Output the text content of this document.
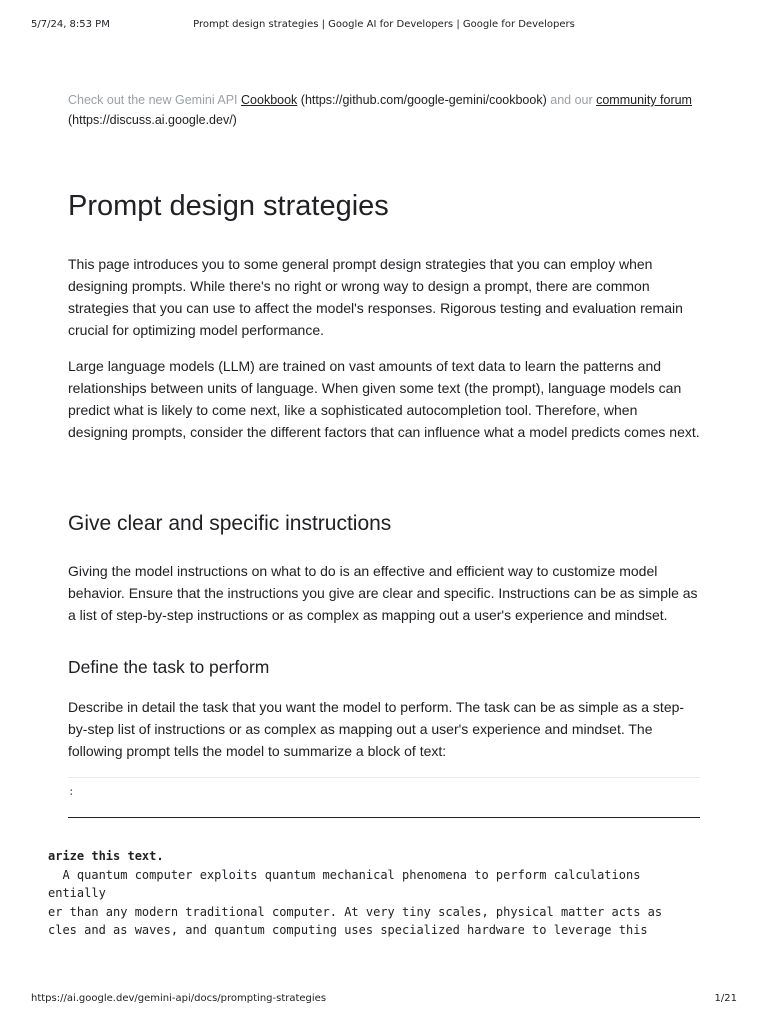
5/7/24, 8:53 PM	Prompt design strategies | Google AI for Developers | Google for Developers

Check out the new Gemini API Cookbook (https://github.com/google-gemini/cookbook) and our community forum
(https://discuss.ai.google.dev/)

Prompt design strategies

This page introduces you to some general prompt design strategies that you can employ when designing prompts. While there's no right or wrong way to design a prompt, there are common strategies that you can use to affect the model's responses. Rigorous testing and evaluation remain crucial for optimizing model performance.

Large language models (LLM) are trained on vast amounts of text data to learn the patterns and relationships between units of language. When given some text (the prompt), language models can predict what is likely to come next, like a sophisticated autocompletion tool. Therefore, when designing prompts, consider the different factors that can influence what a model predicts comes next.

Give clear and specific instructions

Giving the model instructions on what to do is an effective and efficient way to customize model behavior. Ensure that the instructions you give are clear and specific. Instructions can be as simple as a list of step-by-step instructions or as complex as mapping out a user's experience and mindset.

Define the task to perform

Describe in detail the task that you want the model to perform. The task can be as simple as a step-by-step list of instructions or as complex as mapping out a user's experience and mindset. The following prompt tells the model to summarize a block of text:

:
arize this text.
A quantum computer exploits quantum mechanical phenomena to perform calculations
entially
er than any modern traditional computer. At very tiny scales, physical matter acts as
cles and as waves, and quantum computing uses specialized hardware to leverage this
https://ai.google.dev/gemini-api/docs/prompting-strategies	1/21
